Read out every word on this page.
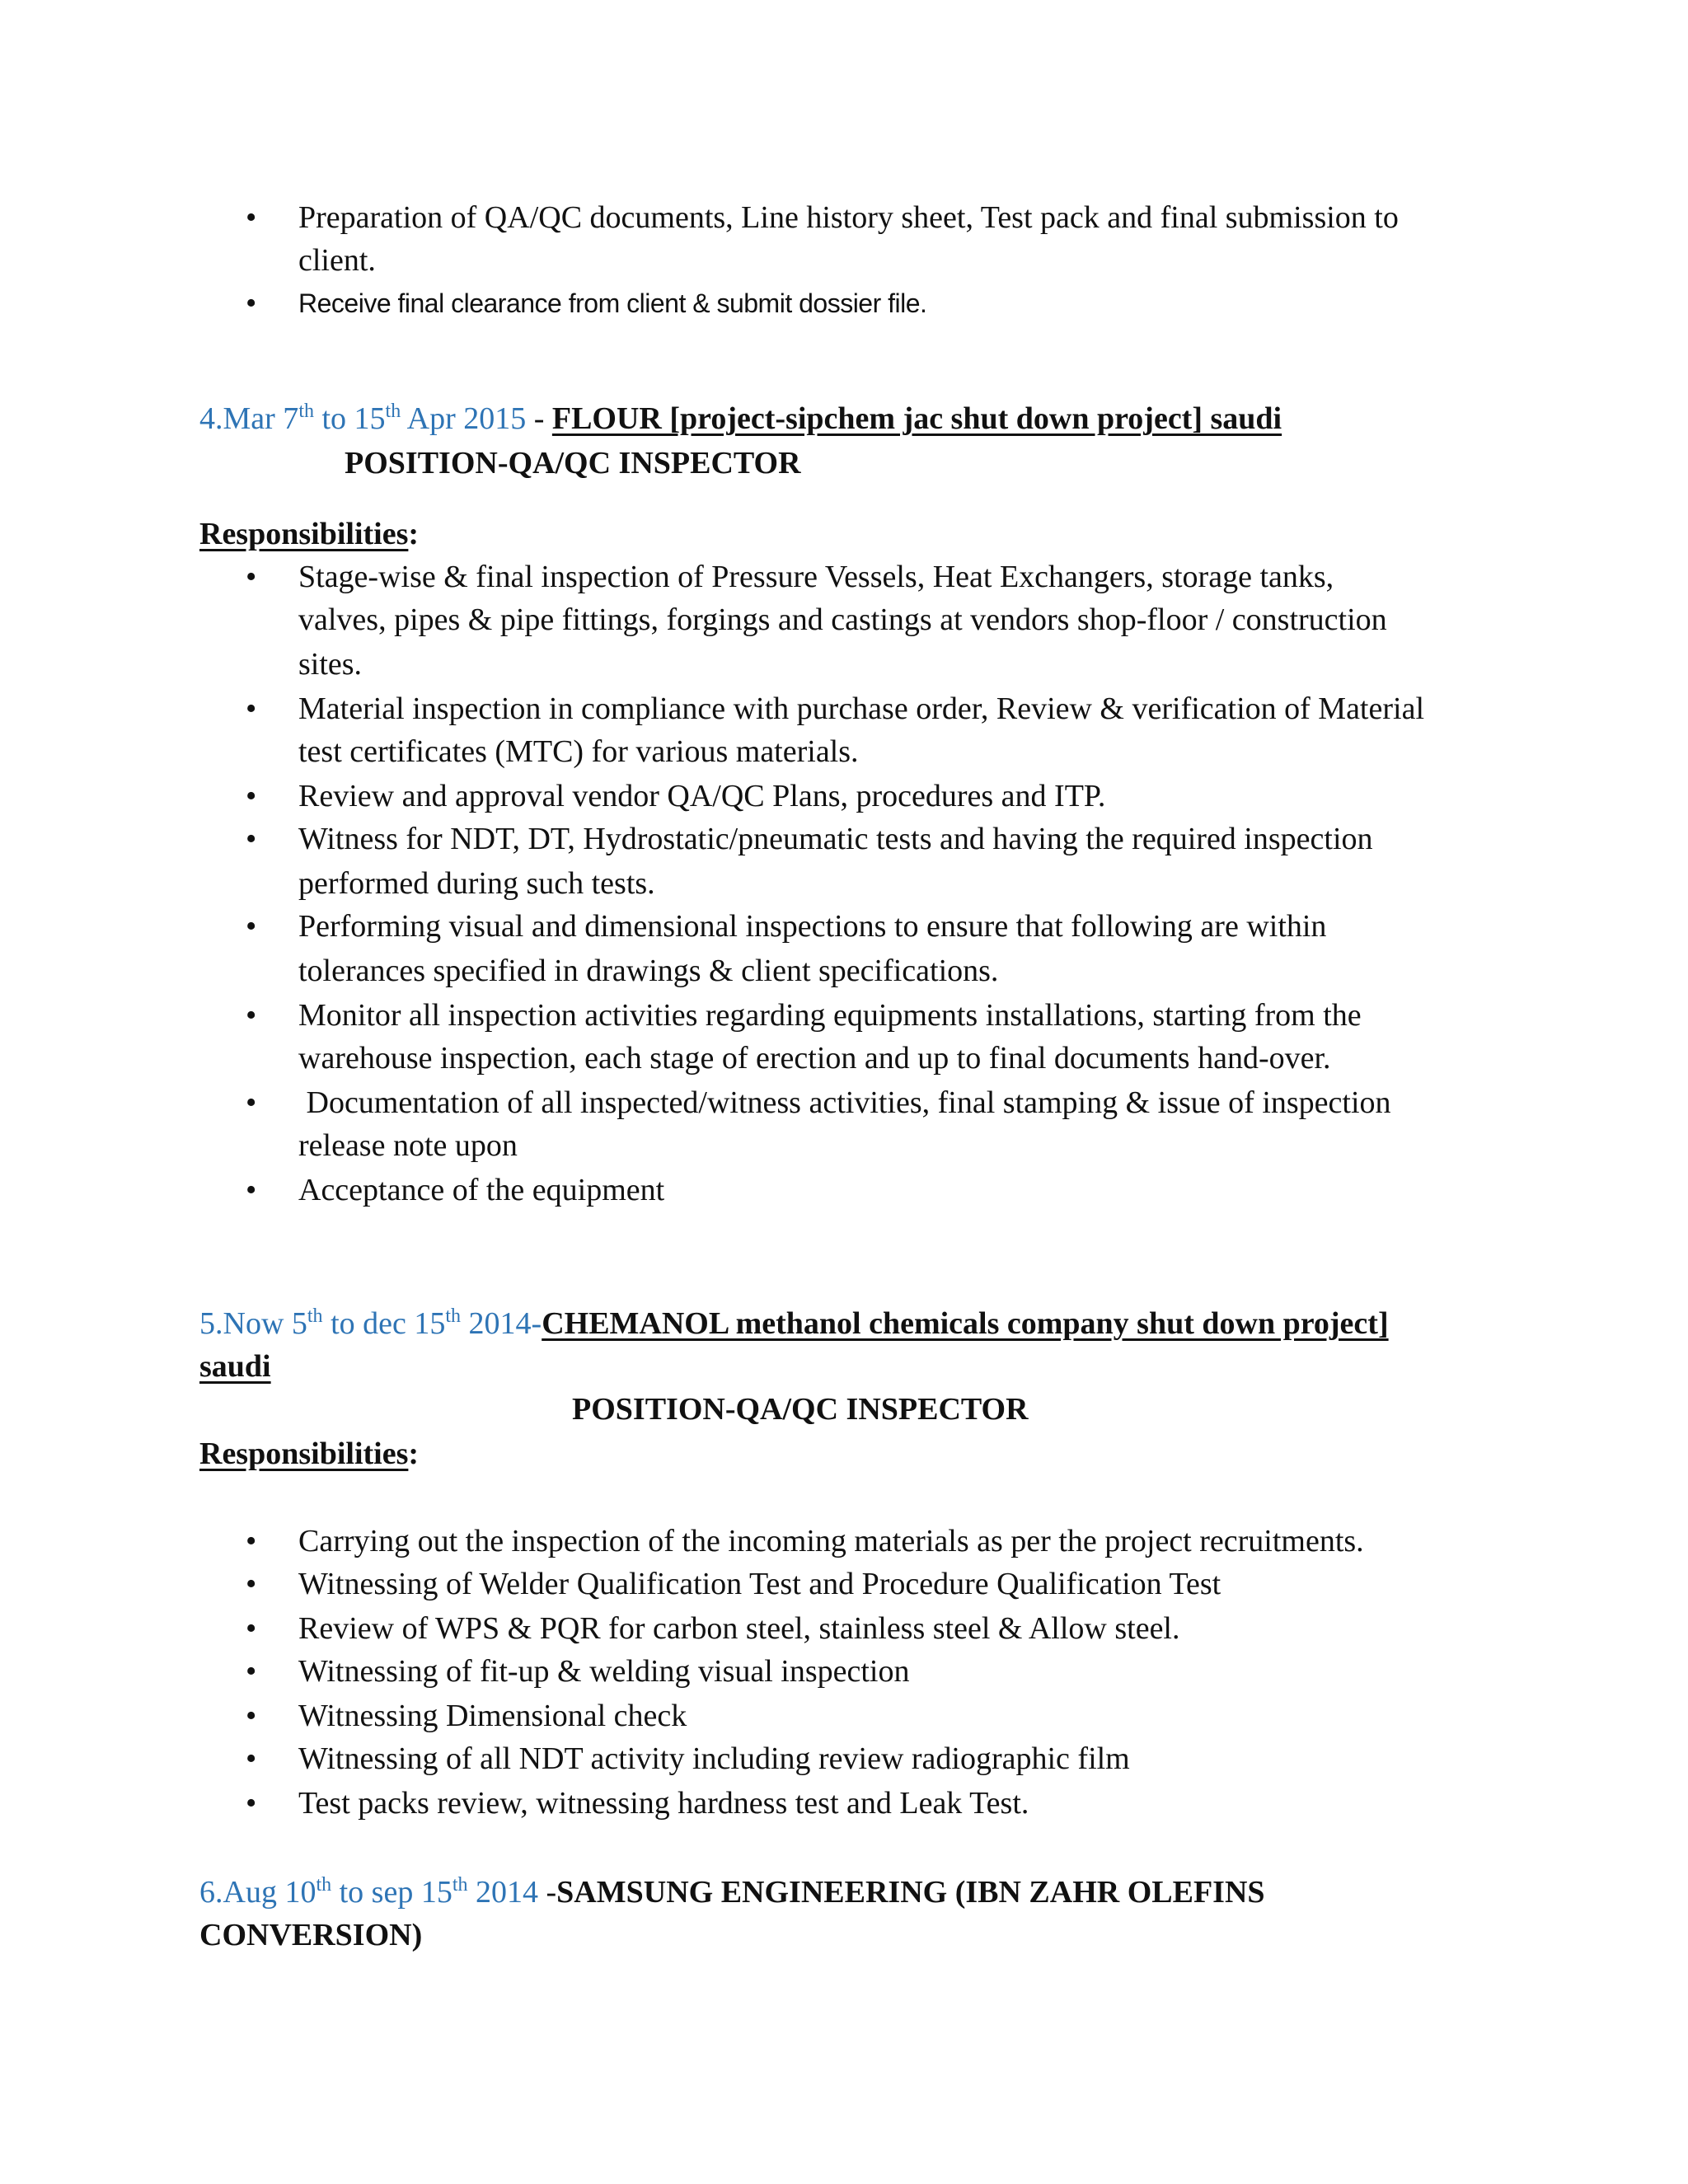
• Preparation of QA/QC documents, Line history sheet, Test pack and final submission to
client.
• Receive final clearance from client & submit dossier file.
4.Mar 7th to 15th Apr 2015 - FLOUR [project-sipchem jac shut down project] saudi
POSITION-QA/QC INSPECTOR
Responsibilities:
• Stage-wise & final inspection of Pressure Vessels, Heat Exchangers, storage tanks,
valves, pipes & pipe fittings, forgings and castings at vendors shop-floor / construction
sites.
• Material inspection in compliance with purchase order, Review & verification of Material
test certificates (MTC) for various materials.
• Review and approval vendor QA/QC Plans, procedures and ITP.
• Witness for NDT, DT, Hydrostatic/pneumatic tests and having the required inspection
performed during such tests.
• Performing visual and dimensional inspections to ensure that following are within
tolerances specified in drawings & client specifications.
• Monitor all inspection activities regarding equipments installations, starting from the
warehouse inspection, each stage of erection and up to final documents hand-over.
• Documentation of all inspected/witness activities, final stamping & issue of inspection
release note upon
• Acceptance of the equipment
5.Now 5th to dec 15th 2014-CHEMANOL methanol chemicals company shut down project]
saudi
POSITION-QA/QC INSPECTOR
Responsibilities:
• Carrying out the inspection of the incoming materials as per the project recruitments.
• Witnessing of Welder Qualification Test and Procedure Qualification Test
• Review of WPS & PQR for carbon steel, stainless steel & Allow steel.
• Witnessing of fit-up & welding visual inspection
• Witnessing Dimensional check
• Witnessing of all NDT activity including review radiographic film
• Test packs review, witnessing hardness test and Leak Test.
6.Aug 10th to sep 15th 2014 -SAMSUNG ENGINEERING (IBN ZAHR OLEFINS
CONVERSION)
